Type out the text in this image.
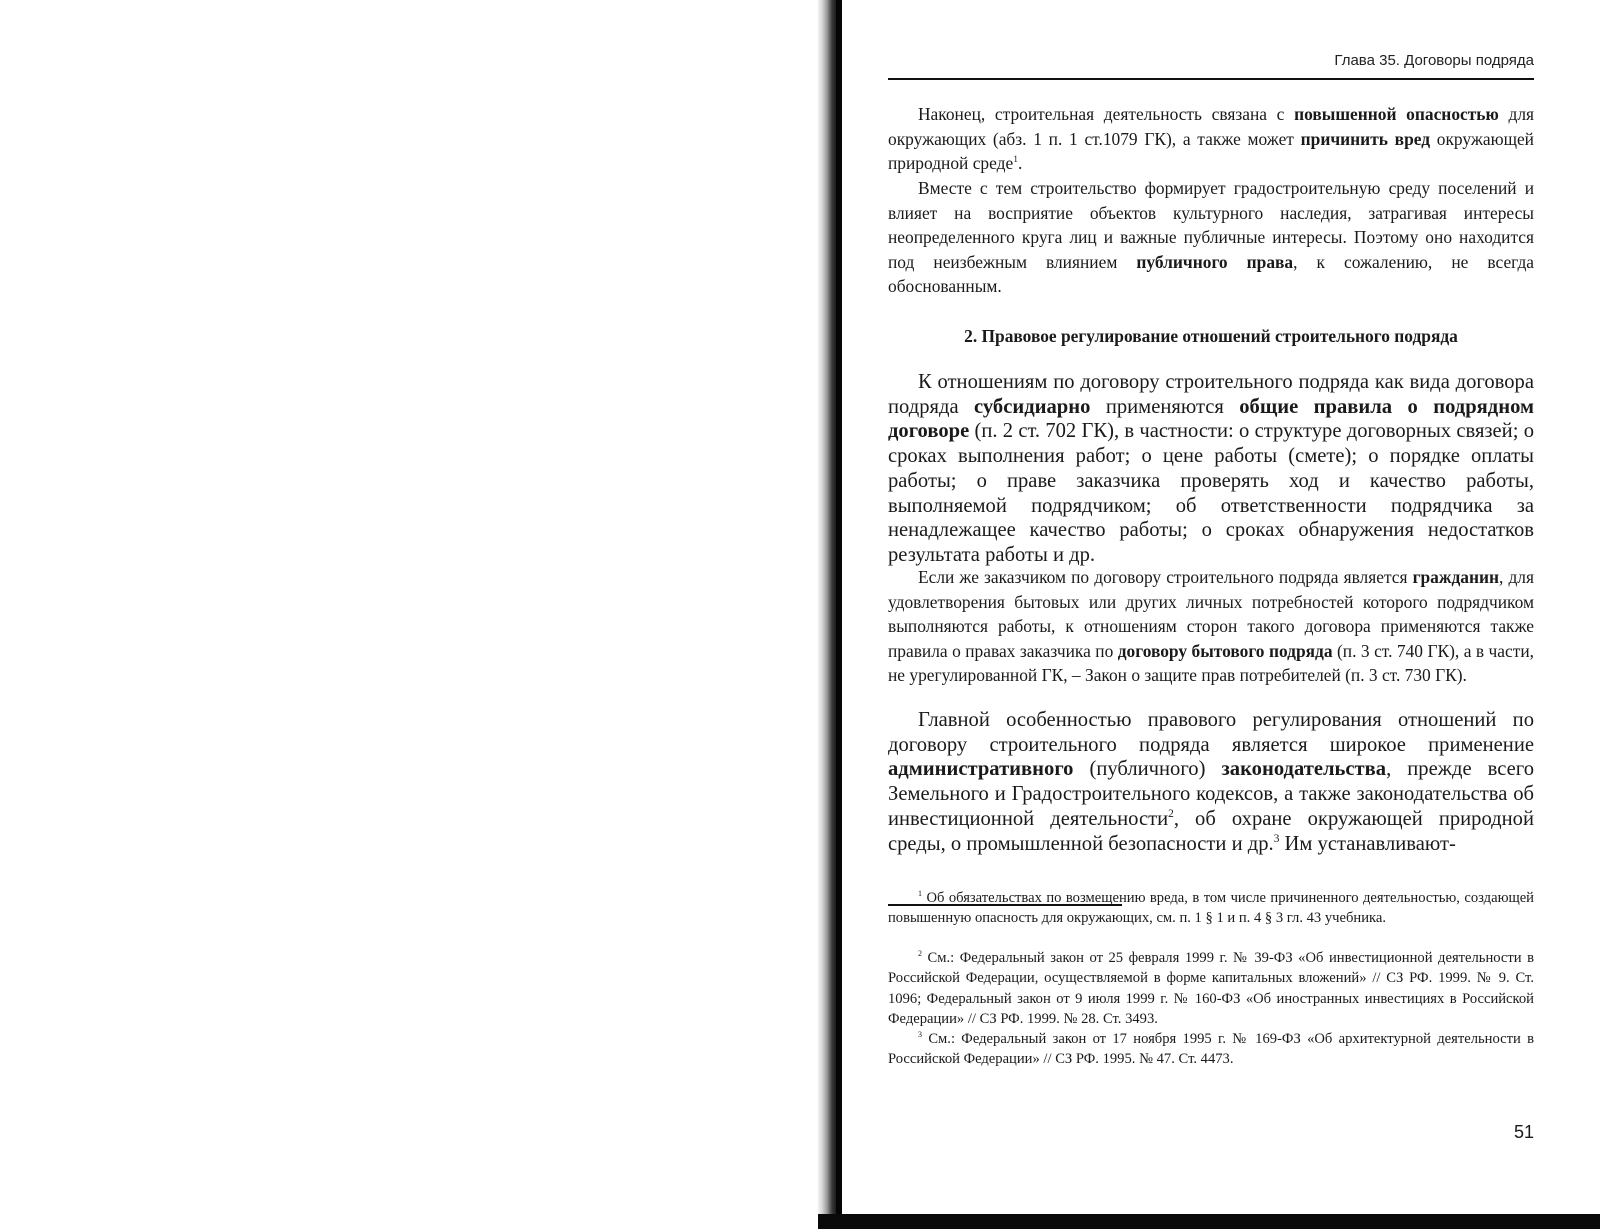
Глава 35. Договоры подряда

Наконец, строительная деятельность связана с повышенной опасностью для окружающих (абз. 1 п. 1 ст.1079 ГК), а также может причинить вред окружающей природной среде$^1$.

Вместе с тем строительство формирует градостроительную среду поселений и влияет на восприятие объектов культурного наследия, затрагивая интересы неопределенного круга лиц и важные публичные интересы. Поэтому оно находится под неизбежным влиянием публичного права, к сожалению, не всегда обоснованным.

2. Правовое регулирование отношений строительного подряда

К отношениям по договору строительного подряда как вида договора подряда субсидиарно применяются общие правила о подрядном договоре (п. 2 ст. 702 ГК), в частности: о структуре договорных связей; о сроках выполнения работ; о цене работы (смете); о порядке оплаты работы; о праве заказчика проверять ход и качество работы, выполняемой подрядчиком; об ответственности подрядчика за ненадлежащее качество работы; о сроках обнаружения недостатков результата работы и др.

Если же заказчиком по договору строительного подряда является гражданин, для удовлетворения бытовых или других личных потребностей которого подрядчиком выполняются работы, к отношениям сторон такого договора применяются также правила о правах заказчика по договору бытового подряда (п. 3 ст. 740 ГК), а в части, не урегулированной ГК, – Закон о защите прав потребителей (п. 3 ст. 730 ГК).

Главной особенностью правового регулирования отношений по договору строительного подряда является широкое применение административного (публичного) законодательства, прежде всего Земельного и Градостроительного кодексов, а также законодательства об инвестиционной деятельности$^2$, об охране окружающей природной среды, о промышленной безопасности и др.$^3$ Им устанавливают-

$^1$ Об обязательствах по возмещению вреда, в том числе причиненного деятельностью, создающей повышенную опасность для окружающих, см. п. 1 § 1 и п. 4 § 3 гл. 43 учебника.

$^2$ См.: Федеральный закон от 25 февраля 1999 г. № 39-ФЗ «Об инвестиционной деятельности в Российской Федерации, осуществляемой в форме капитальных вложений» // СЗ РФ. 1999. № 9. Ст. 1096; Федеральный закон от 9 июля 1999 г. № 160-ФЗ «Об иностранных инвестициях в Российской Федерации» // СЗ РФ. 1999. № 28. Ст. 3493.

$^3$ См.: Федеральный закон от 17 ноября 1995 г. № 169-ФЗ «Об архитектурной деятельности в Российской Федерации» // СЗ РФ. 1995. № 47. Ст. 4473.

51
